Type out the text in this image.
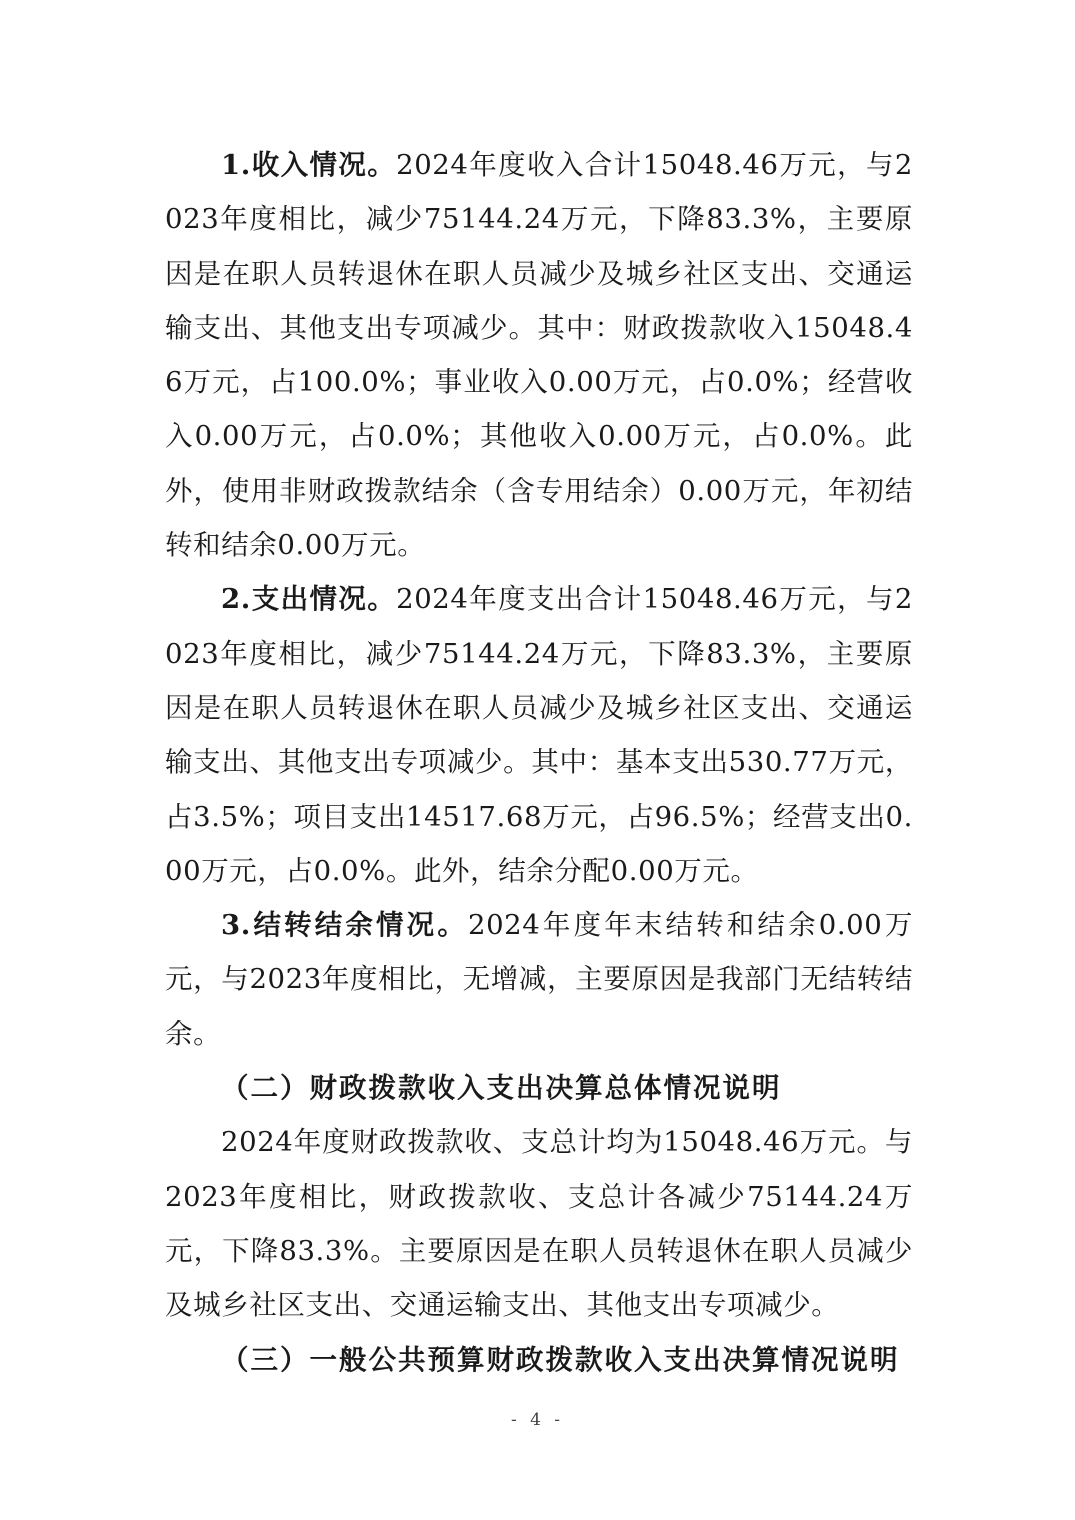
1.收入情况。2024年度收入合计15048.46万元，与2023年度相比，减少75144.24万元，下降83.3%，主要原因是在职人员转退休在职人员减少及城乡社区支出、交通运输支出、其他支出专项减少。其中：财政拨款收入15048.46万元，占100.0%；事业收入0.00万元，占0.0%；经营收入0.00万元，占0.0%；其他收入0.00万元，占0.0%。此外，使用非财政拨款结余（含专用结余）0.00万元，年初结转和结余0.00万元。

2.支出情况。2024年度支出合计15048.46万元，与2023年度相比，减少75144.24万元，下降83.3%，主要原因是在职人员转退休在职人员减少及城乡社区支出、交通运输支出、其他支出专项减少。其中：基本支出530.77万元，占3.5%；项目支出14517.68万元，占96.5%；经营支出0.00万元，占0.0%。此外，结余分配0.00万元。

3.结转结余情况。2024年度年末结转和结余0.00万元，与2023年度相比，无增减，主要原因是我部门无结转结余。

（二）财政拨款收入支出决算总体情况说明

2024年度财政拨款收、支总计均为15048.46万元。与2023年度相比，财政拨款收、支总计各减少75144.24万元，下降83.3%。主要原因是在职人员转退休在职人员减少及城乡社区支出、交通运输支出、其他支出专项减少。

（三）一般公共预算财政拨款收入支出决算情况说明

- 4 -
